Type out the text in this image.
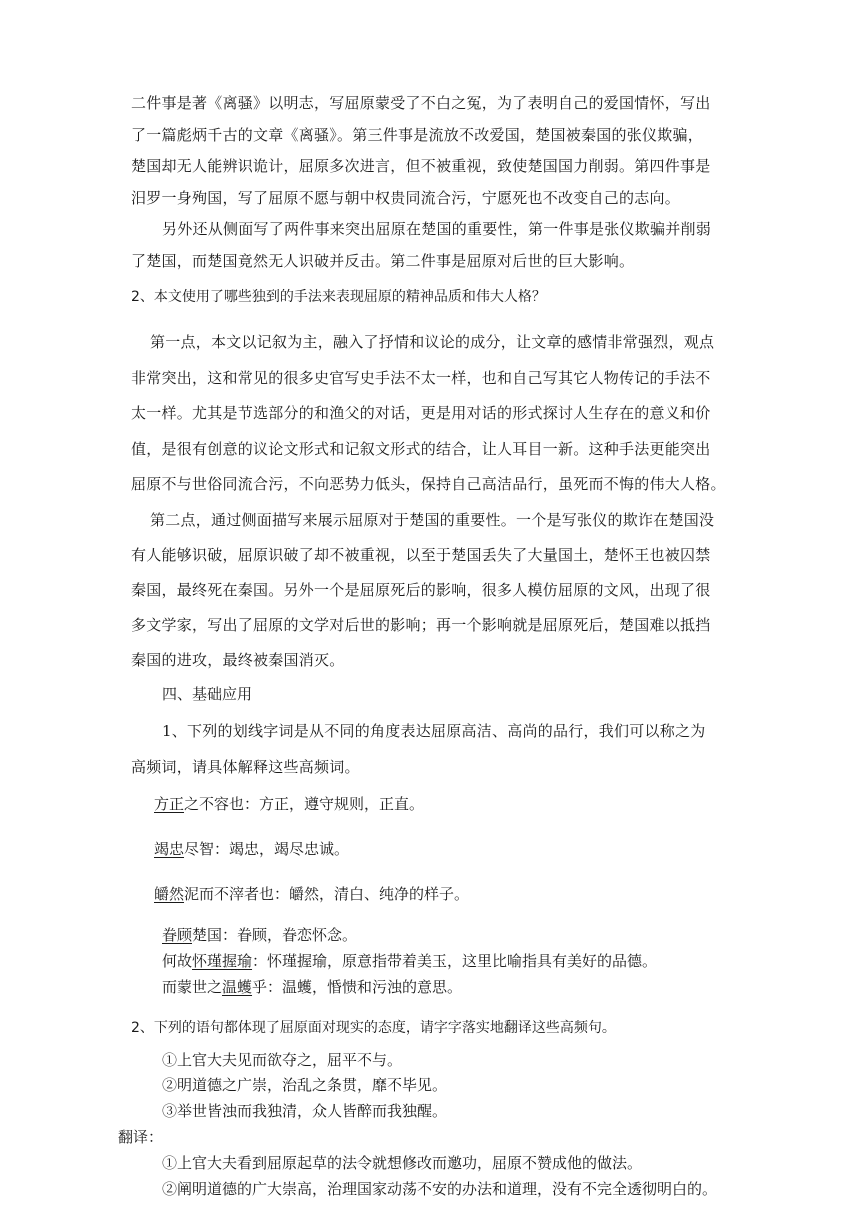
二件事是著《离骚》以明志，写屈原蒙受了不白之冤，为了表明自己的爱国情怀，写出

了一篇彪炳千古的文章《离骚》。第三件事是流放不改爱国，楚国被秦国的张仪欺骗，

楚国却无人能辨识诡计，屈原多次进言，但不被重视，致使楚国国力削弱。第四件事是

汨罗一身殉国，写了屈原不愿与朝中权贵同流合污，宁愿死也不改变自己的志向。

另外还从侧面写了两件事来突出屈原在楚国的重要性，第一件事是张仪欺骗并削弱

了楚国，而楚国竟然无人识破并反击。第二件事是屈原对后世的巨大影响。

2、本文使用了哪些独到的手法来表现屈原的精神品质和伟大人格？

第一点，本文以记叙为主，融入了抒情和议论的成分，让文章的感情非常强烈，观点

非常突出，这和常见的很多史官写史手法不太一样，也和自己写其它人物传记的手法不

太一样。尤其是节选部分的和渔父的对话，更是用对话的形式探讨人生存在的意义和价

值，是很有创意的议论文形式和记叙文形式的结合，让人耳目一新。这种手法更能突出

屈原不与世俗同流合污，不向恶势力低头，保持自己高洁品行，虽死而不悔的伟大人格。

第二点，通过侧面描写来展示屈原对于楚国的重要性。一个是写张仪的欺诈在楚国没

有人能够识破，屈原识破了却不被重视，以至于楚国丢失了大量国土，楚怀王也被囚禁

秦国，最终死在秦国。另外一个是屈原死后的影响，很多人模仿屈原的文风，出现了很

多文学家，写出了屈原的文学对后世的影响；再一个影响就是屈原死后，楚国难以抵挡

秦国的进攻，最终被秦国消灭。

四、基础应用

1、下列的划线字词是从不同的角度表达屈原高洁、高尚的品行，我们可以称之为

高频词，请具体解释这些高频词。

方正之不容也：方正，遵守规则，正直。

竭忠尽智：竭忠，竭尽忠诚。

皭然泥而不滓者也：皭然，清白、纯净的样子。

眷顾楚国：眷顾，眷恋怀念。

何故怀瑾握瑜：怀瑾握瑜，原意指带着美玉，这里比喻指具有美好的品德。

而蒙世之温蠖乎：温蠖，惛愦和污浊的意思。

2、下列的语句都体现了屈原面对现实的态度，请字字落实地翻译这些高频句。

①上官大夫见而欲夺之，屈平不与。

②明道德之广崇，治乱之条贯，靡不毕见。

③举世皆浊而我独清，众人皆醉而我独醒。

翻译：

①上官大夫看到屈原起草的法令就想修改而邀功，屈原不赞成他的做法。

②阐明道德的广大崇高，治理国家动荡不安的办法和道理，没有不完全透彻明白的。
